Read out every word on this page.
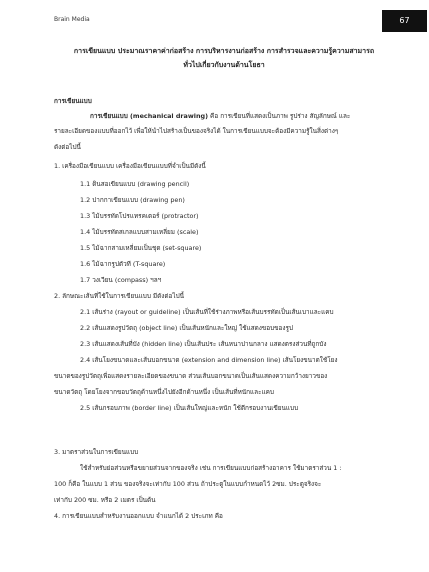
Brain Media	67
การเขียนแบบ ประมาณราคาค่าก่อสร้าง การบริหารงานก่อสร้าง การสำรวจและความรู้ความสามารถ
ทั่วไปเกี่ยวกับงานด้านโยธา
การเขียนแบบ
การเขียนแบบ (mechanical drawing) คือ การเขียนที่แสดงเป็นภาพ รูปร่าง สัญลักษณ์ และ
รายละเอียดของแบบที่ออกไว้ เพื่อให้นำไปสร้างเป็นของจริงได้ ในการเขียนแบบจะต้องมีความรู้ในสิ่งต่างๆ
ดังต่อไปนี้
1. เครื่องมือเขียนแบบ เครื่องมือเขียนแบบที่จำเป็นมีดังนี้
1.1 ดินสอเขียนแบบ (drawing pencil)
1.2 ปากกาเขียนแบบ (drawing pen)
1.3 ไม้บรรทัดโปรแทรคเตอร์ (protractor)
1.4 ไม้บรรทัดสเกลแบบสามเหลี่ยม (scale)
1.5 ไม้ฉากสามเหลี่ยมเป็นชุด (set-square)
1.6 ไม้ฉากรูปตัวที (T-square)
1.7 วงเวียน (compass) ฯลฯ
2. ลักษณะเส้นที่ใช้ในการเขียนแบบ มีดังต่อไปนี้
2.1 เส้นร่าง (rayout or guideline) เป็นเส้นที่ใช้ร่างภาพหรือเส้นบรรทัดเป็นเส้นเบาและแคบ
2.2 เส้นแสดงรูปวัตถุ (object line) เป็นเส้นหนักและใหญ่ ใช้แสดงขอบของรูป
2.3 เส้นแสดงเส้นที่บัง (hidden line) เป็นเส้นประ เส้นหนาปานกลาง แสดงตรงส่วนที่ถูกบัง
2.4 เส้นโยงขนาดและเส้นบอกขนาด (extension and dimension line) เส้นโยงขนาดใช้โยง
ขนาดของรูปวัตถุเพื่อแสดงรายละเอียดของขนาด ส่วนเส้นบอกขนาดเป็นเส้นแสดงความกว้างยาวของ
ขนาดวัตถุ โดยโยงจากขอบวัตถุด้านหนึ่งไปยังอีกด้านหนึ่ง เป็นเส้นที่หนักและแคบ
2.5 เส้นกรอบภาพ (border line) เป็นเส้นใหญ่และหนัก ใช้ตีกรอบงานเขียนแบบ
3. มาตราส่วนในการเขียนแบบ
ใช้สำหรับย่อส่วนหรือขยายส่วนจากของจริง เช่น การเขียนแบบก่อสร้างอาคาร ใช้มาตราส่วน 1 :
100 ก็คือ ในแบบ 1 ส่วน ของจริงจะเท่ากับ 100 ส่วน ถ้าประตูในแบบกำหนดไว้ 2ซม. ประตูจริงจะ
เท่ากับ 200 ซม. หรือ 2 เมตร เป็นต้น
4. การเขียนแบบสำหรับงานออกแบบ จำแนกได้ 2 ประเภท คือ
